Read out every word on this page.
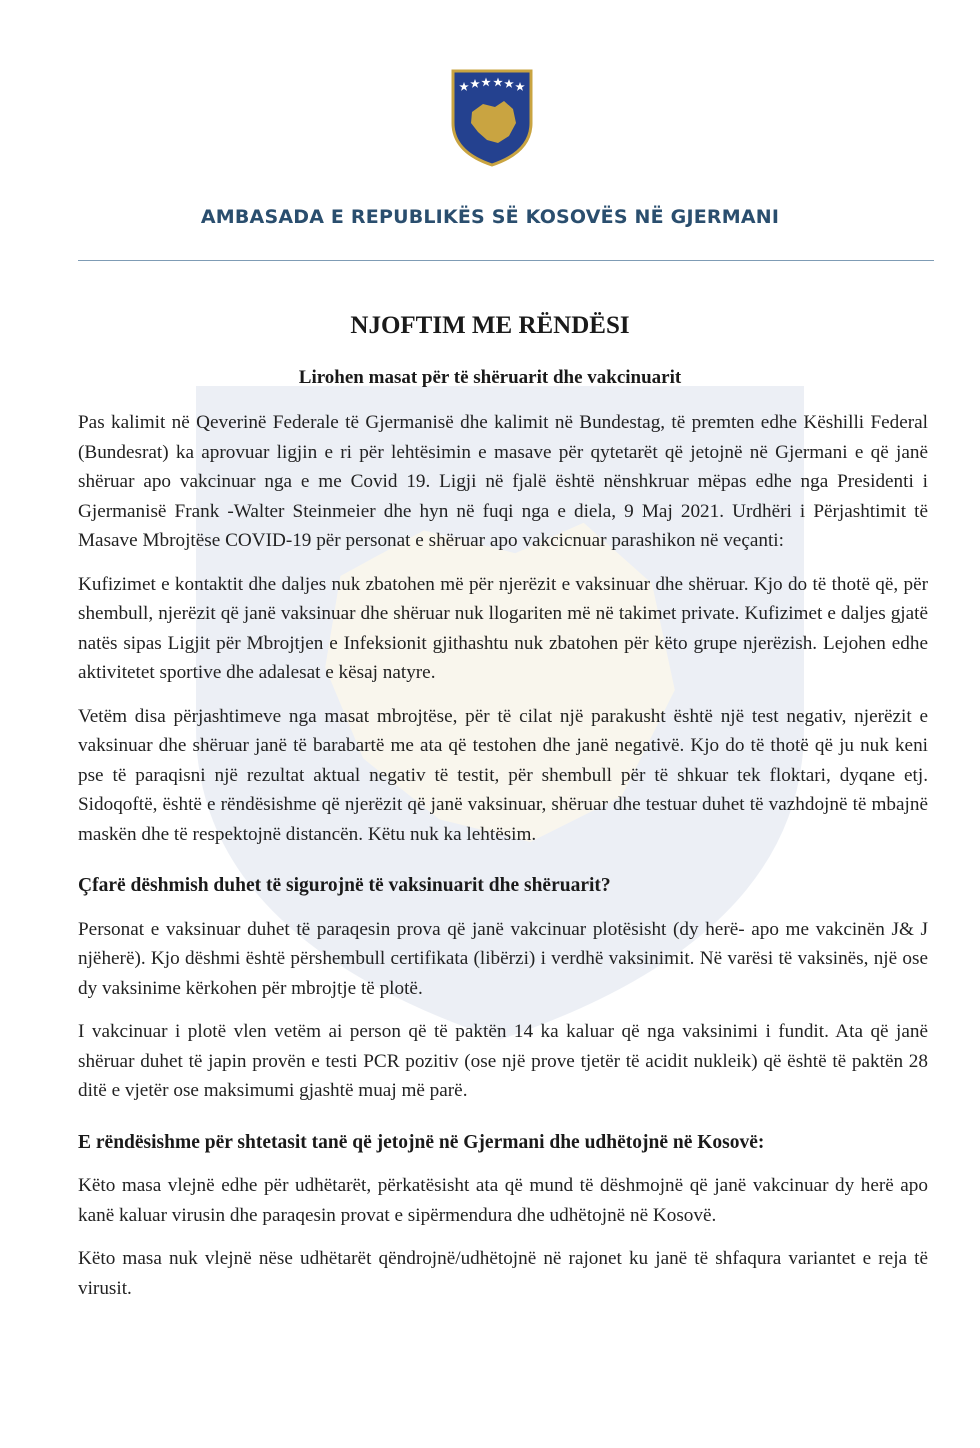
AMBASADA E REPUBLIKËS SË KOSOVËS NË GJERMANI
NJOFTIM ME RËNDËSI
Lirohen masat për të shëruarit dhe vakcinuarit

Pas kalimit në Qeverinë Federale të Gjermanisë dhe kalimit në Bundestag, të premten edhe Këshilli Federal (Bundesrat) ka aprovuar ligjin e ri për lehtësimin e masave për qytetarët që jetojnë në Gjermani e që janë shëruar apo vakcinuar nga e me Covid 19. Ligji në fjalë është nënshkruar mëpas edhe nga Presidenti i Gjermanisë Frank -Walter Steinmeier dhe hyn në fuqi nga e diela, 9 Maj 2021. Urdhëri i Përjashtimit të Masave Mbrojtëse COVID-19 për personat e shëruar apo vakcicnuar parashikon në veçanti:

Kufizimet e kontaktit dhe daljes nuk zbatohen më për njerëzit e vaksinuar dhe shëruar. Kjo do të thotë që, për shembull, njerëzit që janë vaksinuar dhe shëruar nuk llogariten më në takimet private. Kufizimet e daljes gjatë natës sipas Ligjit për Mbrojtjen e Infeksionit gjithashtu nuk zbatohen për këto grupe njerëzish. Lejohen edhe aktivitetet sportive dhe adalesat e kësaj natyre.

Vetëm disa përjashtimeve nga masat mbrojtëse, për të cilat një parakusht është një test negativ, njerëzit e vaksinuar dhe shëruar janë të barabartë me ata që testohen dhe janë negativë. Kjo do të thotë që ju nuk keni pse të paraqisni një rezultat aktual negativ të testit, për shembull për të shkuar tek floktari, dyqane etj. Sidoqoftë, është e rëndësishme që njerëzit që janë vaksinuar, shëruar dhe testuar duhet të vazhdojnë të mbajnë maskën dhe të respektojnë distancën. Këtu nuk ka lehtësim.

Çfarë dëshmish duhet të sigurojnë të vaksinuarit dhe shëruarit?

Personat e vaksinuar duhet të paraqesin prova që janë vakcinuar plotësisht (dy herë- apo me vakcinën J& J njëherë). Kjo dëshmi është përshembull certifikata (libërzi) i verdhë vaksinimit. Në varësi të vaksinës, një ose dy vaksinime kërkohen për mbrojtje të plotë.

I vakcinuar i plotë vlen vetëm ai person që të paktën 14 ka kaluar që nga vaksinimi i fundit. Ata që janë shëruar duhet të japin provën e testi PCR pozitiv (ose një prove tjetër të acidit nukleik) që është të paktën 28 ditë e vjetër ose maksimumi gjashtë muaj më parë.

E rëndësishme për shtetasit tanë që jetojnë në Gjermani dhe udhëtojnë në Kosovë:

Këto masa vlejnë edhe për udhëtarët, përkatësisht ata që mund të dëshmojnë që janë vakcinuar dy herë apo kanë kaluar virusin dhe paraqesin provat e sipërmendura dhe udhëtojnë në Kosovë.

Këto masa nuk vlejnë nëse udhëtarët qëndrojnë/udhëtojnë në rajonet ku janë të shfaqura variantet e reja të virusit.
